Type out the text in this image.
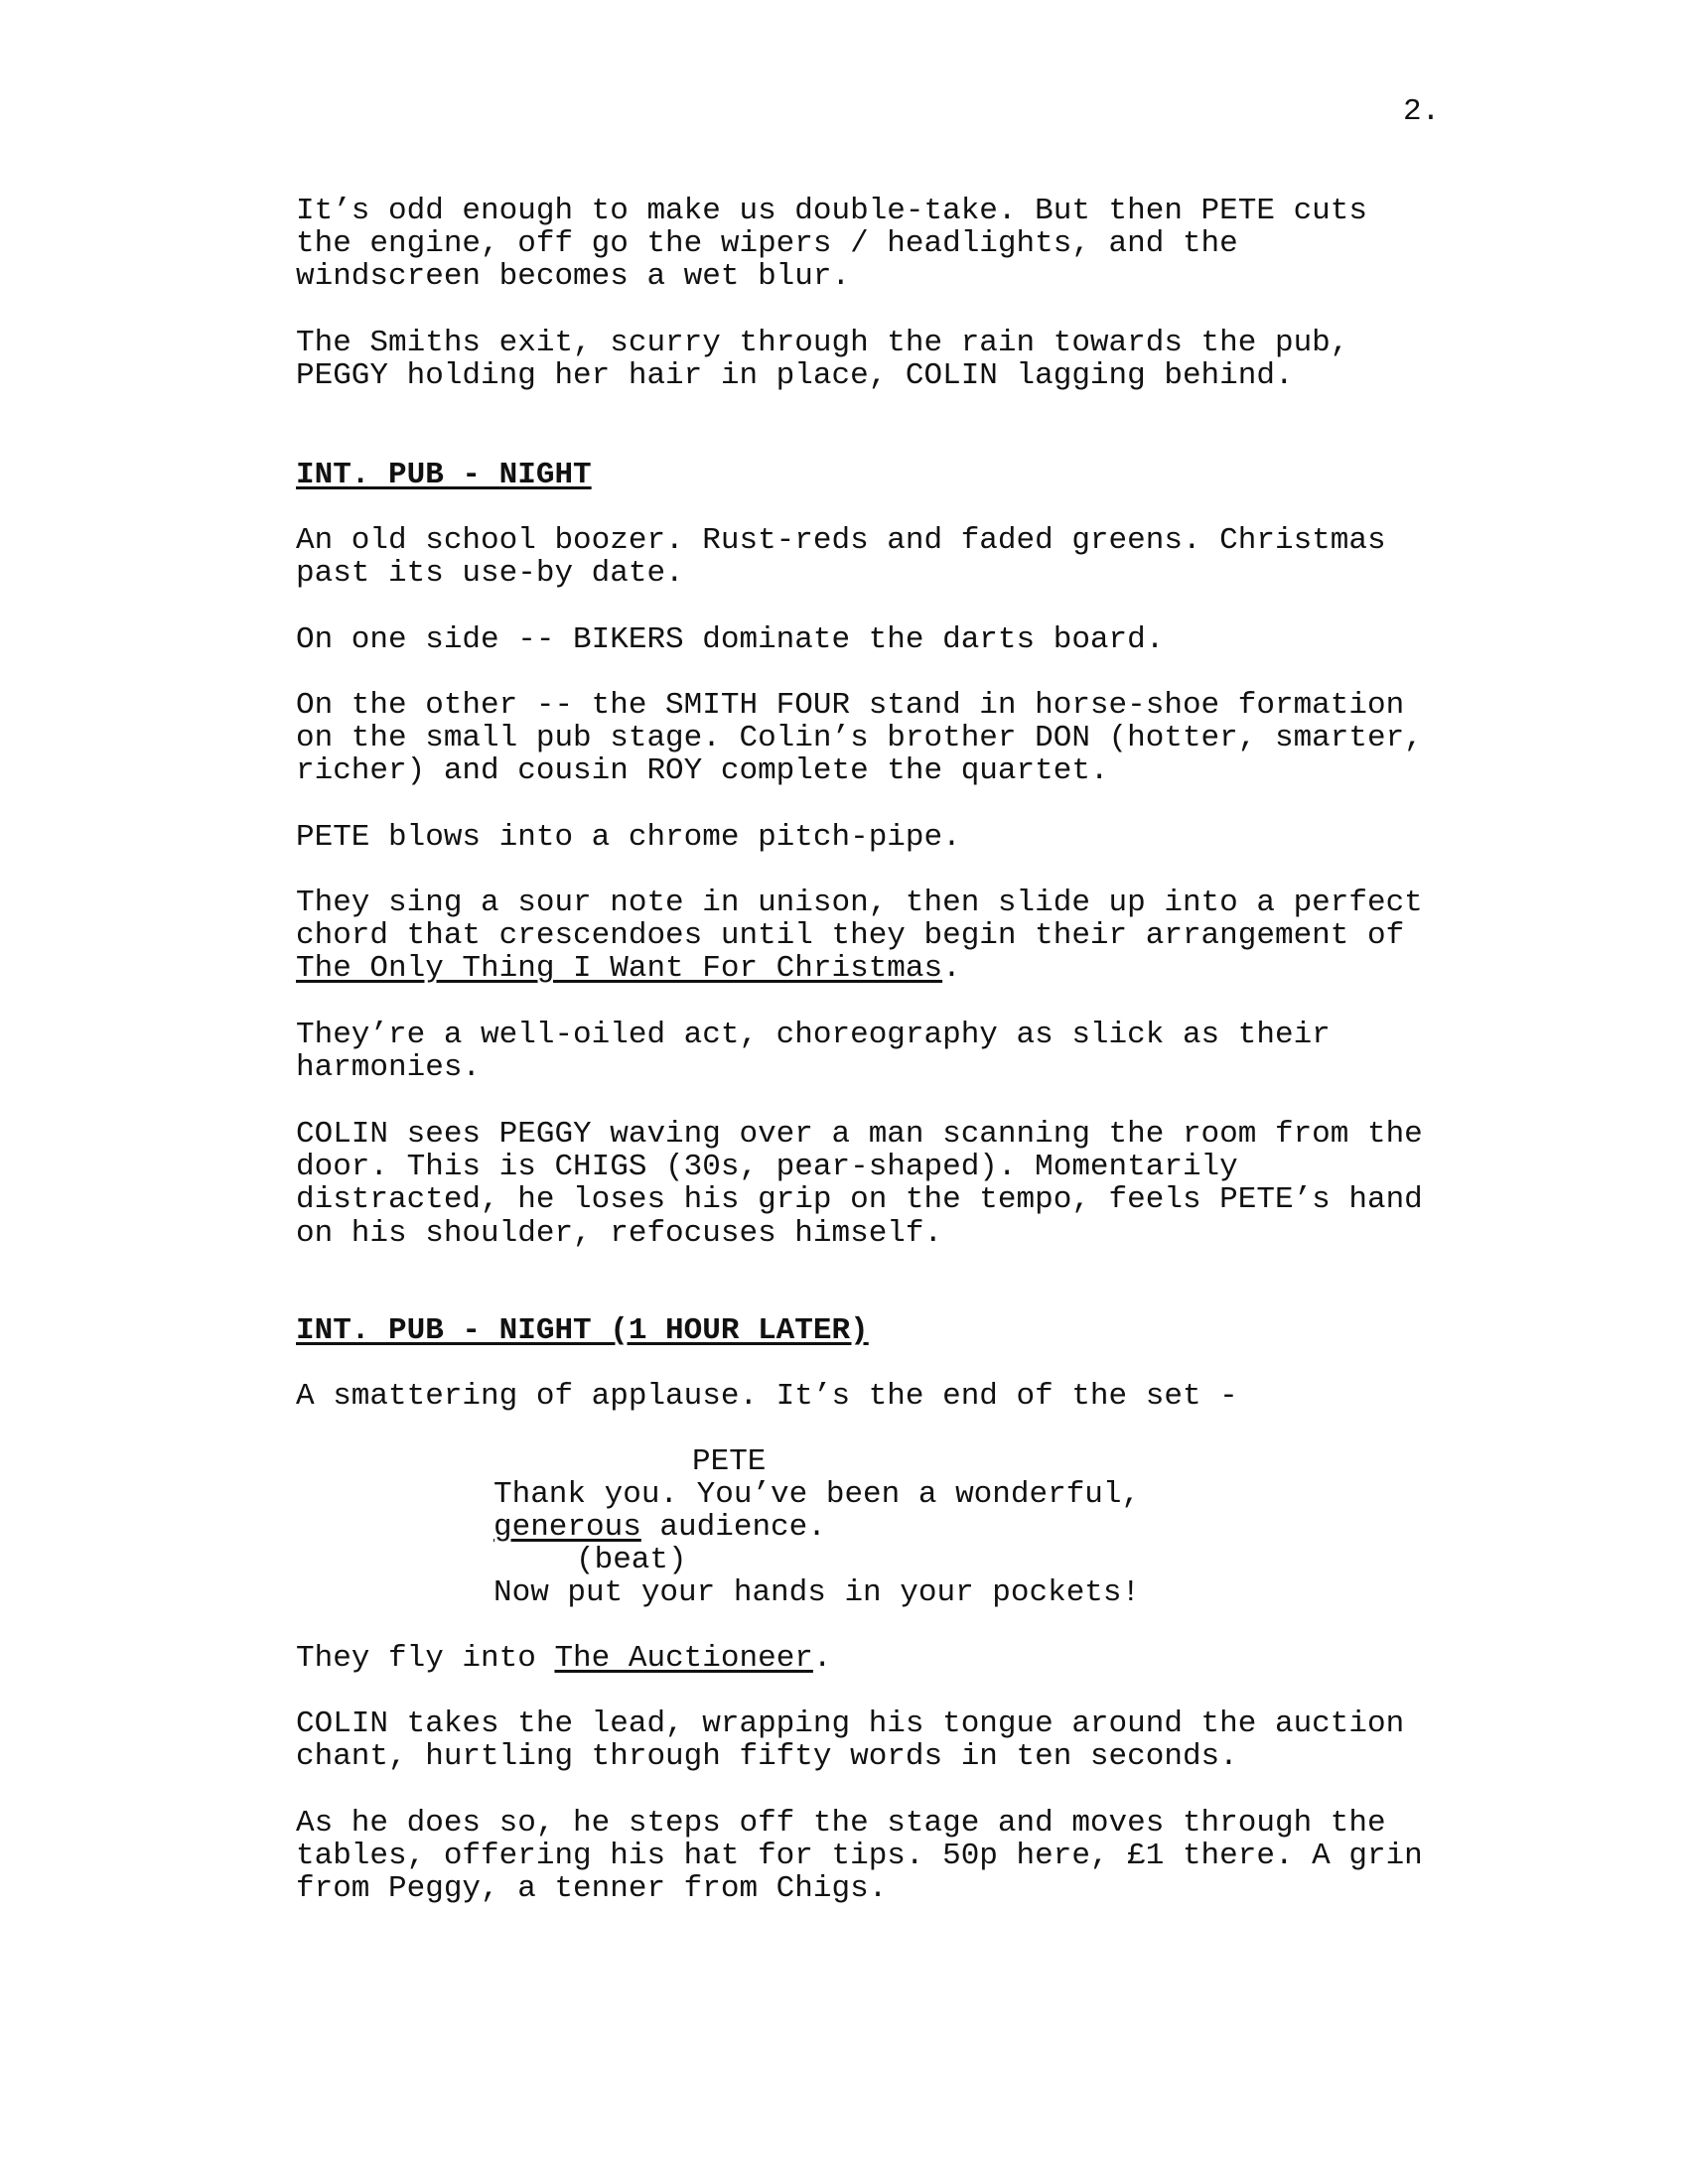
2.
It’s odd enough to make us double-take. But then PETE cuts
the engine, off go the wipers / headlights, and the
windscreen becomes a wet blur.
The Smiths exit, scurry through the rain towards the pub,
PEGGY holding her hair in place, COLIN lagging behind.
INT. PUB - NIGHT
An old school boozer. Rust-reds and faded greens. Christmas
past its use-by date.
On one side -- BIKERS dominate the darts board.
On the other -- the SMITH FOUR stand in horse-shoe formation
on the small pub stage. Colin’s brother DON (hotter, smarter,
richer) and cousin ROY complete the quartet.
PETE blows into a chrome pitch-pipe.
They sing a sour note in unison, then slide up into a perfect
chord that crescendoes until they begin their arrangement of
The Only Thing I Want For Christmas.
They’re a well-oiled act, choreography as slick as their
harmonies.
COLIN sees PEGGY waving over a man scanning the room from the
door. This is CHIGS (30s, pear-shaped). Momentarily
distracted, he loses his grip on the tempo, feels PETE’s hand
on his shoulder, refocuses himself.
INT. PUB - NIGHT (1 HOUR LATER)
A smattering of applause. It’s the end of the set -
PETE
Thank you. You’ve been a wonderful,
generous audience.
(beat)
Now put your hands in your pockets!
They fly into The Auctioneer.
COLIN takes the lead, wrapping his tongue around the auction
chant, hurtling through fifty words in ten seconds.
As he does so, he steps off the stage and moves through the
tables, offering his hat for tips. 50p here, £1 there. A grin
from Peggy, a tenner from Chigs.
